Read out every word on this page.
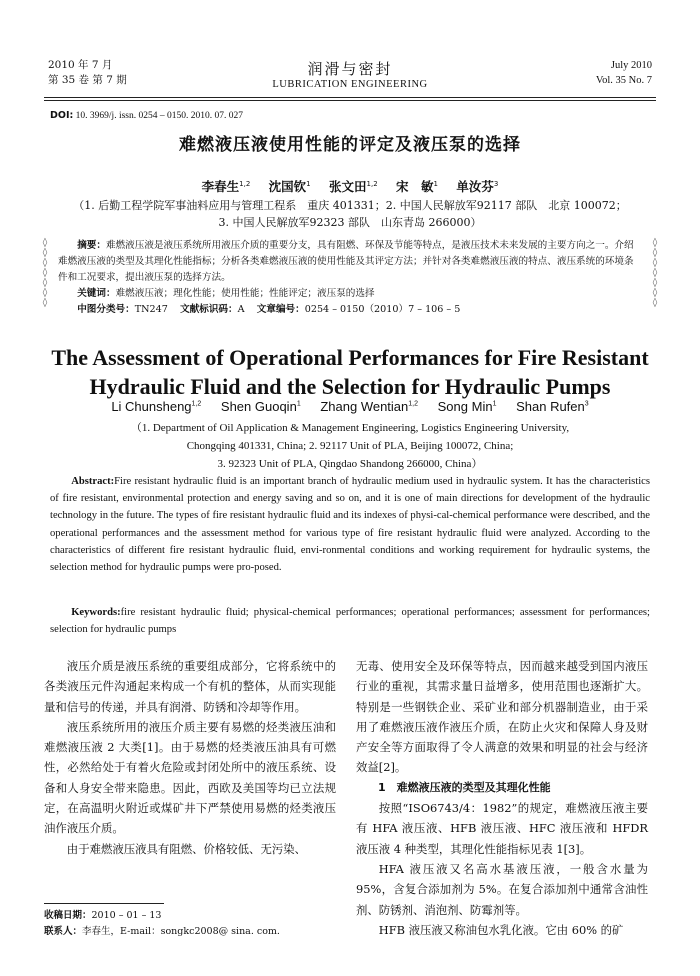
2010 年 7 月
第 35 卷 第 7 期
润滑与密封
LUBRICATION ENGINEERING
July 2010
Vol. 35 No. 7
DOI: 10. 3969/j. issn. 0254 – 0150. 2010. 07. 027
难燃液压液使用性能的评定及液压泵的选择
李春生$^{1,2}$ 沈国钦$^1$ 张文田$^{1,2}$ 宋　敏$^1$ 单汝芬$^3$
（1. 后勤工程学院军事油料应用与管理工程系　重庆 401331；2. 中国人民解放军92117 部队　北京 100072；
3. 中国人民解放军92323 部队　山东青岛 266000）
◊
◊
◊
◊
◊
◊
◊
◊
◊
◊
◊
◊
◊
◊
摘要：难燃液压液是液压系统所用液压介质的重要分支，具有阻燃、环保及节能等特点，是液压技术未来发展的主要方向之一。介绍难燃液压液的类型及其理化性能指标；分析各类难燃液压液的使用性能及其评定方法；并针对各类难燃液压液的特点、液压系统的环境条件和工况要求，提出液压泵的选择方法。
关键词：难燃液压液；理化性能；使用性能；性能评定；液压泵的选择
中图分类号：TN247 文献标识码：A 文章编号：0254 – 0150（2010）7 – 106 – 5
The Assessment of Operational Performances for Fire Resistant
Hydraulic Fluid and the Selection for Hydraulic Pumps
Li Chunsheng$^{1,2}$ Shen Guoqin$^1$ Zhang Wentian$^{1,2}$ Song Min$^1$ Shan Rufen$^3$
（1. Department of Oil Application & Management Engineering, Logistics Engineering University,
Chongqing 401331, China; 2. 92117 Unit of PLA, Beijing 100072, China;
3. 92323 Unit of PLA, Qingdao Shandong 266000, China）
Abstract:Fire resistant hydraulic fluid is an important branch of hydraulic medium used in hydraulic system. It has the characteristics of fire resistant, environmental protection and energy saving and so on, and it is one of main directions for development of the hydraulic technology in the future. The types of fire resistant hydraulic fluid and its indexes of physi-cal-chemical performance were described, and the operational performances and the assessment method for various type of fire resistant hydraulic fluid were analyzed. According to the characteristics of different fire resistant hydraulic fluid, envi-ronmental conditions and working requirement for hydraulic systems, the selection method for hydraulic pumps were pro-posed.
Keywords:fire resistant hydraulic fluid; physical-chemical performances; operational performances; assessment for performances; selection for hydraulic pumps

液压介质是液压系统的重要组成部分，它将系统中的各类液压元件沟通起来构成一个有机的整体，从而实现能量和信号的传递，并具有润滑、防锈和冷却等作用。

液压系统所用的液压介质主要有易燃的烃类液压油和难燃液压液 2 大类[1]。由于易燃的烃类液压油具有可燃性，必然给处于有着火危险或封闭处所中的液压系统、设备和人身安全带来隐患。因此，西欧及美国等均已立法规定，在高温明火附近或煤矿井下严禁使用易燃的烃类液压油作液压介质。

由于难燃液压液具有阻燃、价格较低、无污染、

无毒、使用安全及环保等特点，因而越来越受到国内液压行业的重视，其需求量日益增多，使用范围也逐渐扩大。特别是一些钢铁企业、采矿业和部分机器制造业，由于采用了难燃液压液作液压介质，在防止火灾和保障人身及财产安全等方面取得了令人满意的效果和明显的社会与经济效益[2]。

1　难燃液压液的类型及其理化性能

按照“ISO6743/4：1982”的规定，难燃液压液主要有 HFA 液压液、HFB 液压液、HFC 液压液和 HFDR 液压液 4 种类型，其理化性能指标见表 1[3]。

HFA 液压液又名高水基液压液，一般含水量为 95%，含复合添加剂为 5%。在复合添加剂中通常含油性剂、防锈剂、消泡剂、防霉剂等。

HFB 液压液又称油包水乳化液。它由 60% 的矿

收稿日期：2010 – 01 – 13
联系人：李春生，E-mail：songkc2008@ sina. com.
